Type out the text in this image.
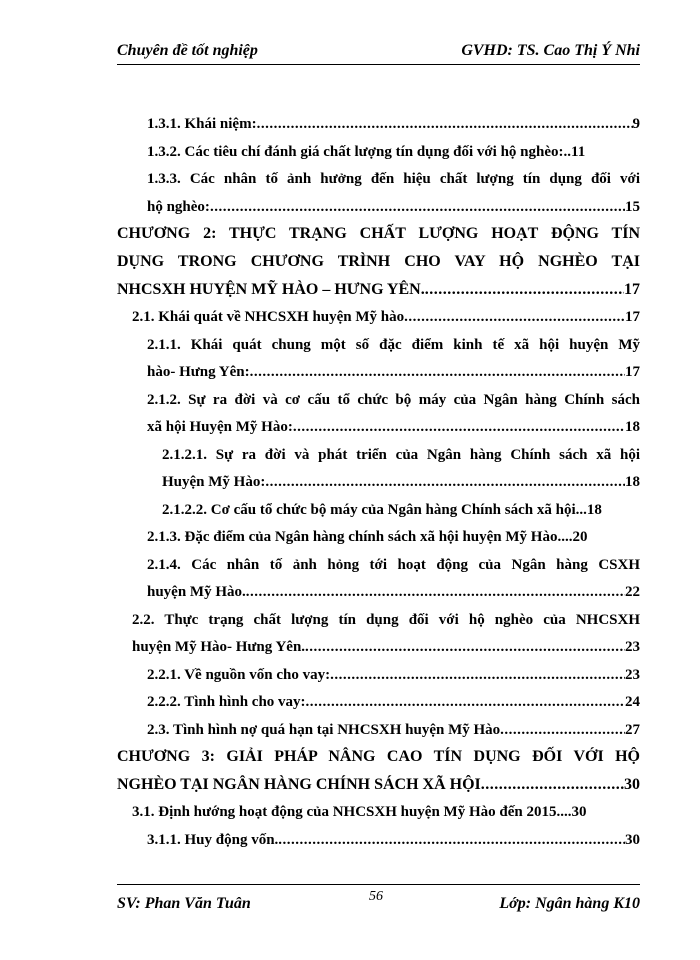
Chuyên đề tốt nghiệp	GVHD: TS. Cao Thị Ý Nhi
1.3.1. Khái niệm: .....	9
1.3.2. Các tiêu chí đánh giá chất lượng tín dụng đối với hộ nghèo: ..11
1.3.3. Các nhân tố ảnh hưởng đến hiệu chất lượng tín dụng đối với
hộ nghèo: .....	15
CHƯƠNG 2: THỰC TRẠNG CHẤT LƯỢNG HOẠT ĐỘNG TÍN
DỤNG TRONG CHƯƠNG TRÌNH CHO VAY HỘ NGHÈO TẠI
NHCSXH HUYỆN MỸ HÀO – HƯNG YÊN. .....	17
2.1. Khái quát về NHCSXH huyện Mỹ hào .....	17
2.1.1. Khái quát chung một số đặc điểm kinh tế xã hội huyện Mỹ
hào- Hưng Yên: .....	17
2.1.2. Sự ra đời và cơ cấu tổ chức bộ máy của Ngân hàng Chính sách
xã hội Huyện Mỹ Hào: .....	18
2.1.2.1. Sự ra đời và phát triển của Ngân hàng Chính sách xã hội
Huyện Mỹ Hào: .....	18
2.1.2.2. Cơ cấu tổ chức bộ máy của Ngân hàng Chính sách xã hội. ..18
2.1.3. Đặc điểm của Ngân hàng chính sách xã hội huyện Mỹ Hào ....20
2.1.4. Các nhân tố ảnh hỏng tới hoạt động của Ngân hàng CSXH
huyện Mỹ Hào. .....	22
2.2. Thực trạng chất lượng tín dụng đối với hộ nghèo của NHCSXH
huyện Mỹ Hào- Hưng Yên. .....	23
2.2.1. Về nguồn vốn cho vay: .....	23
2.2.2. Tình hình cho vay: .....	24
2.3. Tình hình nợ quá hạn tại NHCSXH huyện Mỹ Hào .....	27
CHƯƠNG 3: GIẢI PHÁP NÂNG CAO TÍN DỤNG ĐỐI VỚI HỘ
NGHÈO TẠI NGÂN HÀNG CHÍNH SÁCH XÃ HỘI .....	30
3.1. Định hướng hoạt động của NHCSXH huyện Mỹ Hào đến 2015 ....30
3.1.1. Huy động vốn. .....	30
SV: Phan Văn Tuân	56	Lớp: Ngân hàng K10
